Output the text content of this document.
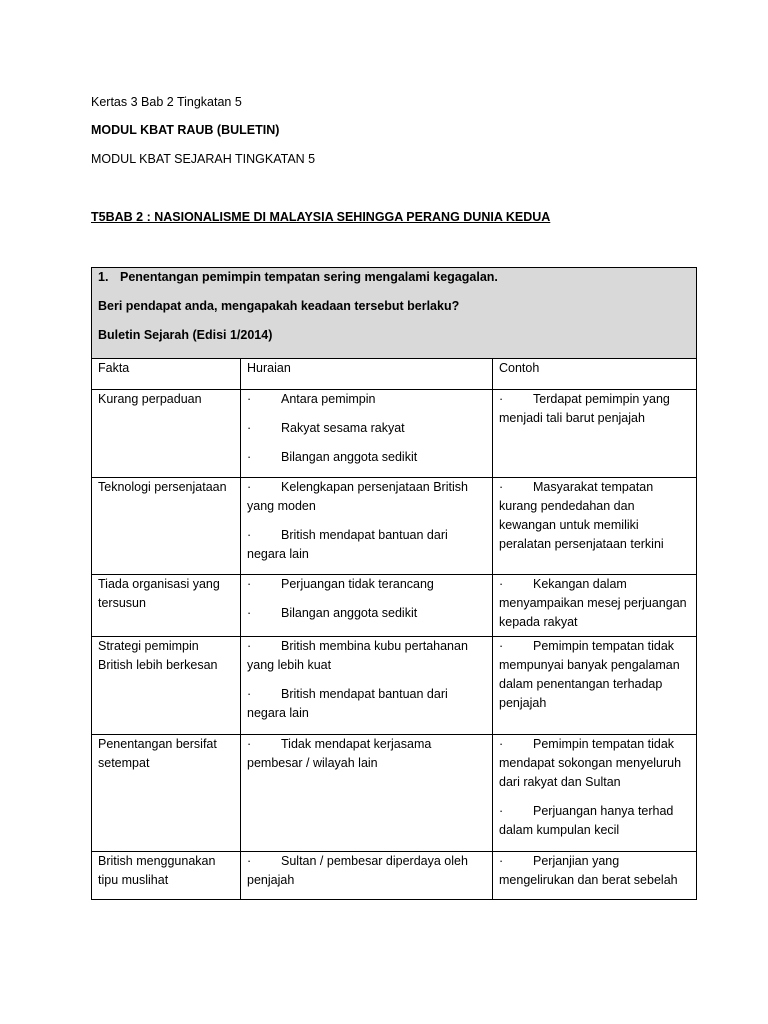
Kertas 3 Bab 2 Tingkatan 5
MODUL KBAT RAUB (BULETIN)
MODUL KBAT SEJARAH TINGKATAN 5
T5BAB 2 : NASIONALISME DI MALAYSIA SEHINGGA PERANG DUNIA KEDUA
1. Penentangan pemimpin tempatan sering mengalami kegagalan.
Beri pendapat anda, mengapakah keadaan tersebut berlaku?
Buletin Sejarah (Edisi 1/2014)		

Fakta	Huraian	Contoh
Kurang perpaduan	· Antara pemimpin
· Rakyat sesama rakyat
· Bilangan anggota sedikit	· Terdapat pemimpin yang menjadi tali barut penjajah

Teknologi persenjataan	· Kelengkapan persenjataan British yang moden
· British mendapat bantuan dari negara lain	· Masyarakat tempatan kurang pendedahan dan kewangan untuk memiliki peralatan persenjataan terkini

Tiada organisasi yang tersusun	· Perjuangan tidak terancang
· Bilangan anggota sedikit	· Kekangan dalam menyampaikan mesej perjuangan kepada rakyat

Strategi pemimpin British lebih berkesan	· British membina kubu pertahanan yang lebih kuat
· British mendapat bantuan dari negara lain	· Pemimpin tempatan tidak mempunyai banyak pengalaman dalam penentangan terhadap penjajah

Penentangan bersifat setempat	· Tidak mendapat kerjasama pembesar / wilayah lain	· Pemimpin tempatan tidak mendapat sokongan menyeluruh dari rakyat dan Sultan
· Perjuangan hanya terhad dalam kumpulan kecil

British menggunakan tipu muslihat	· Sultan / pembesar diperdaya oleh penjajah	· Perjanjian yang mengelirukan dan berat sebelah
